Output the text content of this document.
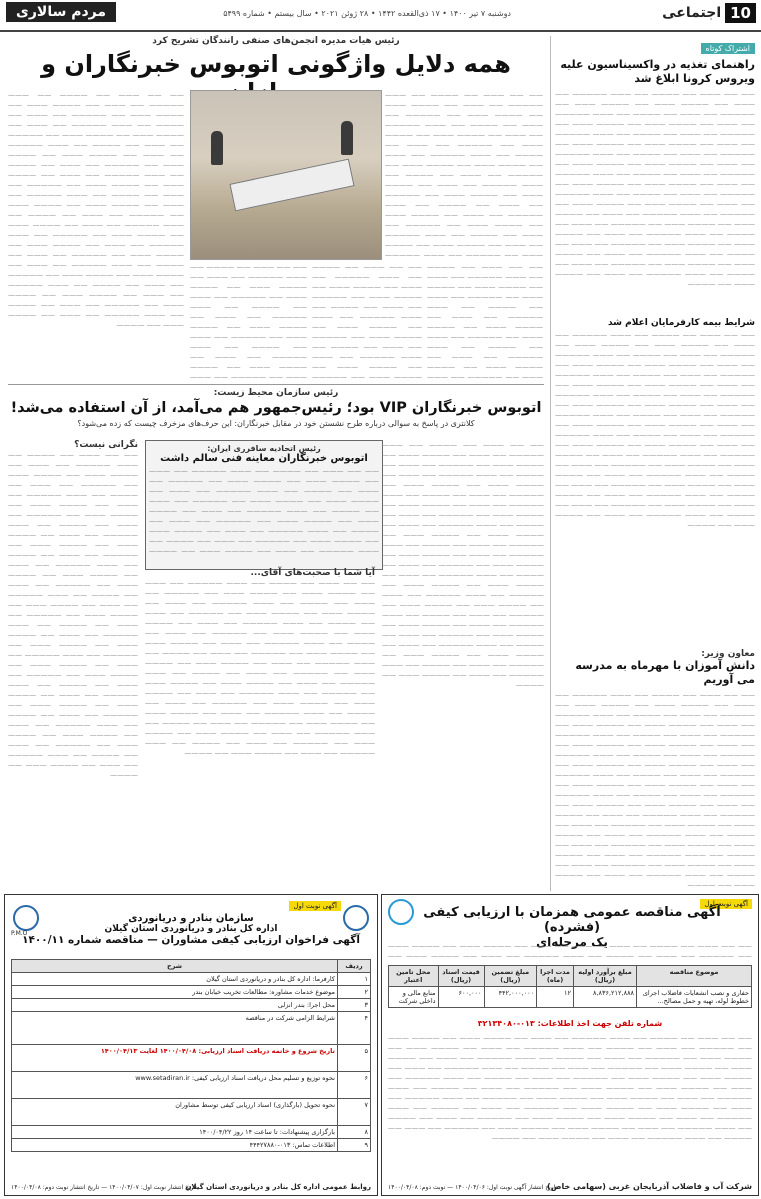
10
اجتماعی
دوشنبه ۷ تیر ۱۴۰۰ • ۱۷ ذی‌القعده ۱۴۴۲ • ۲۸ ژوئن ۲۰۲۱ • سال بیستم • شماره ۵۴۹۹
مردم سالاری
اشتراک کوتاه
راهنمای تغذیه در واکسیناسیون علیه ویروس کرونا ابلاغ شد
—— ——
شرایط بیمه کارفرمایان اعلام شد
—— ——
معاون وزیر:
دانش آموزان با مهرماه به مدرسه می آوریم
—— ——
رئیس هیات مدیره انجمن‌های صنفی رانندگان تشریح کرد
همه دلایل واژگونی اتوبوس خبرنگاران و
—— ——
—— ——
—— ——
—— ——
—— ——
رئیس سازمان محیط زیست:
اتوبوس خبرنگاران VIP بود؛ رئیس‌جمهور هم می‌آمد، از آن استفاده می‌شد!
کلانتری در پاسخ به سوالی درباره طرح نشستن خود در مقابل خبرنگاران: این حرف‌های مزخرف چیست که زده می‌شود؟
نگرانی نیست؟
—— ——	رئیس اتحادیه سافرری ایران:
اتوبوس خبرنگاران معاینه فنی سالم داشت
—— ——
—— ——
آیا شما با صحبت‌های آقای...
—— ——
P.M.O
آگهی نوبت اول
سازمان بنادر و دریانوردی
اداره کل بنادر و دریانوردی استان گیلان
آگهی فراخوان ارزیابی کیفی مشاوران — مناقصه شماره ۱۴۰۰/۱۱
ردیف	شرح
۱	کارفرما: اداره کل بنادر و دریانوردی استان گیلان
۲	موضوع خدمات مشاوره: مطالعات تخریب خیابان بندر
۳	محل اجرا: بندر انزلی
۴	شرایط الزامی شرکت در مناقصه
۵	تاریخ شروع و خاتمه دریافت اسناد ارزیابی: ۱۴۰۰/۰۴/۰۸ لغایت ۱۴۰۰/۰۴/۱۳
۶	نحوه توزیع و تسلیم محل دریافت اسناد ارزیابی کیفی: www.setadiran.ir
۷	نحوه تحویل (بارگذاری) اسناد ارزیابی کیفی توسط مشاوران
۸	بارگزاری پیشنهادات: تا ساعت ۱۴ روز ۱۴۰۰/۰۴/۲۲
۹	اطلاعات تماس: ۰۱۳-۴۴۴۲۷۸۸۰
روابط عمومی اداره کل بنادر و دریانوردی استان گیلان
تاریخ انتشار نوبت اول: ۱۴۰۰/۰۴/۰۷ — تاریخ انتشار نوبت دوم: ۱۴۰۰/۰۴/۰۸
آگهی نوبت اول
آگهی مناقصه عمومی همزمان با ارزیابی کیفی (فشرده)
یک مرحله‌ای
—— ——
موضوع مناقصه	مبلغ برآورد اولیه (ریال)	مدت اجرا (ماه)	مبلغ تضمین (ریال)	قیمت اسناد (ریال)	محل تامین اعتبار
حفاری و نصب انشعابات فاضلاب اجرای خطوط لوله، تهیه و حمل مصالح...	۸,۸۳۶,۲۱۲,۸۸۸	۱۲	۴۴۲,۰۰۰,۰۰۰	۶۰۰,۰۰۰	منابع مالی و داخلی شرکت
شماره تلفن جهت اخذ اطلاعات: ۰۱۳-۳۲۱۳۴۰۸۰
—— ——
شرکت آب و فاضلاب آذربایجان غربی (سهامی خاص)
تاریخ انتشار آگهی نوبت اول: ۱۴۰۰/۰۴/۰۶ — نوبت دوم: ۱۴۰۰/۰۴/۰۸
